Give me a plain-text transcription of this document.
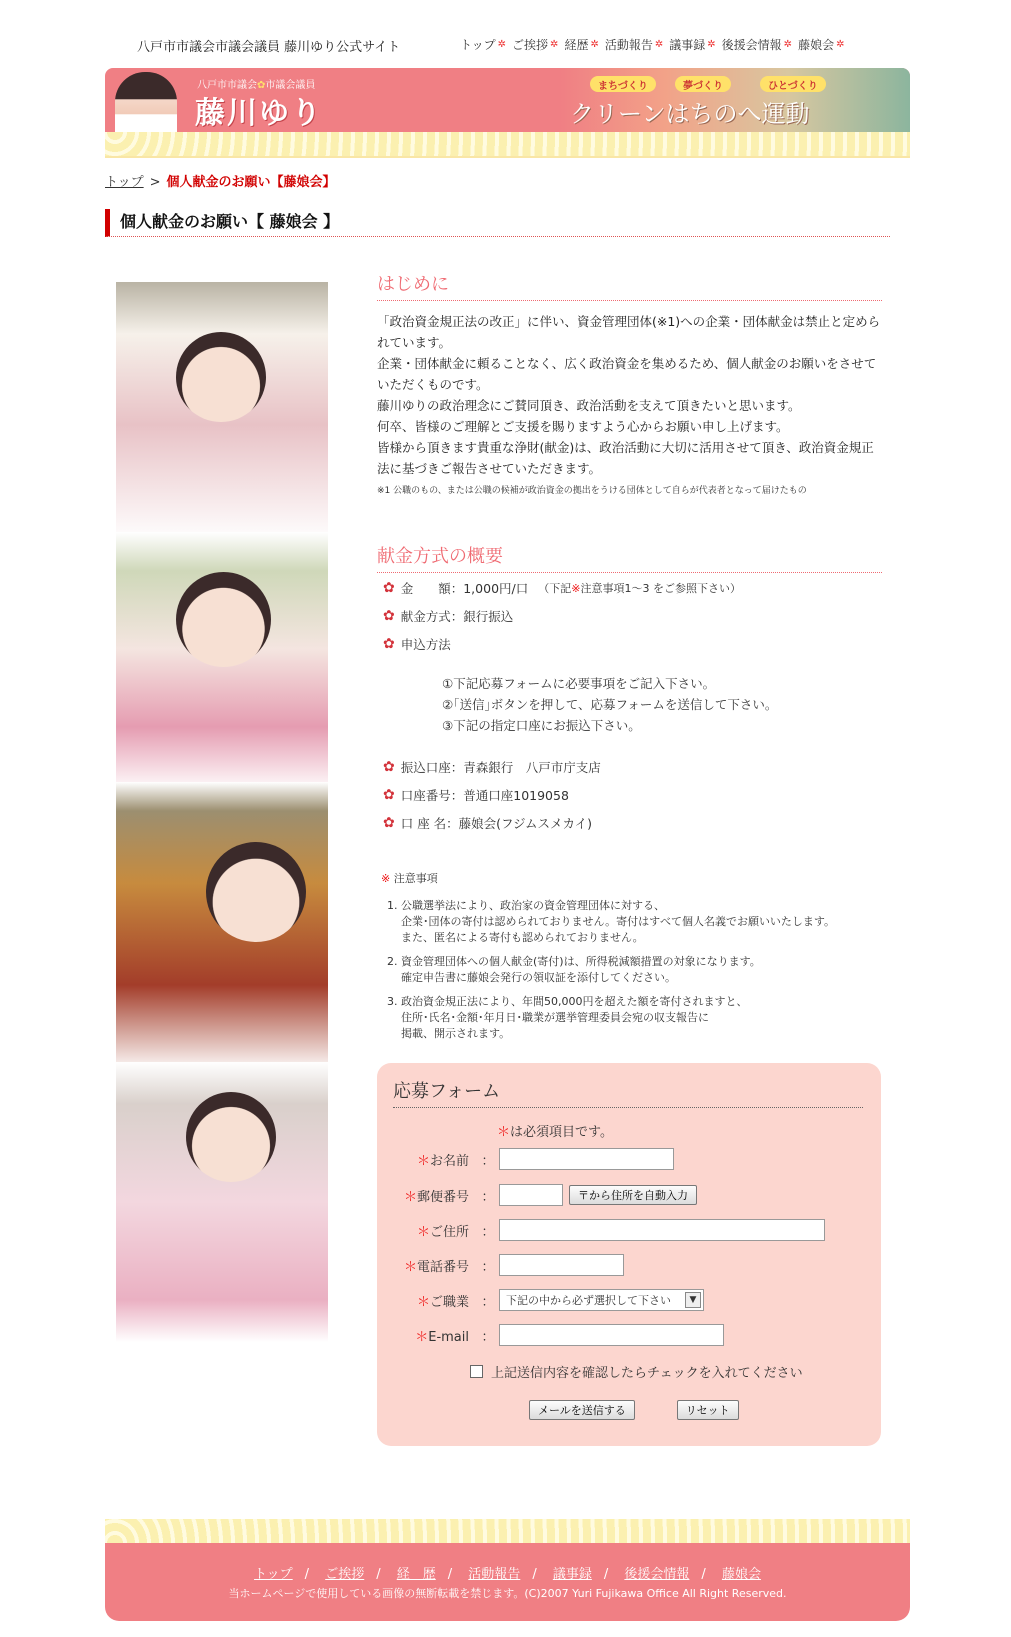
八戸市市議会市議会議員 藤川ゆり公式サイト	トップ ✲ ご挨拶 ✲ 経歴 ✲ 活動報告 ✲ 議事録 ✲ 後援会情報 ✲ 藤娘会 ✲
八戸市市議会✿市議会議員
藤川ゆり
まちづくり	夢づくり	ひとづくり
クリーンはちのへ運動
トップ > 個人献金のお願い【藤娘会】
個人献金のお願い【 藤娘会 】
はじめに
「政治資金規正法の改正」に伴い、資金管理団体(※1)への企業・団体献金は禁止と定められています。
企業・団体献金に頼ることなく、広く政治資金を集めるため、個人献金のお願いをさせていただくものです。
藤川ゆりの政治理念にご賛同頂き、政治活動を支えて頂きたいと思います。
何卒、皆様のご理解とご支援を賜りますよう心からお願い申し上げます。
皆様から頂きます貴重な浄財(献金)は、政治活動に大切に活用させて頂き、政治資金規正法に基づきご報告させていただきます。
※1 公職のもの、または公職の候補が政治資金の拠出をうける団体として自らが代表者となって届けたもの
献金方式の概要
✿ 金　　額：1,000円/口 （下記 ※ 注意事項1～3 をご参照下さい）
✿ 献金方式：銀行振込
✿ 申込方法
①下記応募フォームに必要事項をご記入下さい。
②｢送信｣ボタンを押して、応募フォームを送信して下さい。
③下記の指定口座にお振込下さい。
✿ 振込口座：青森銀行　八戸市庁支店
✿ 口座番号：普通口座1019058
✿ 口 座 名：藤娘会(フジムスメカイ)
※ 注意事項
1. 公職選挙法により、政治家の資金管理団体に対する、
企業･団体の寄付は認められておりません。寄付はすべて個人名義でお願いいたします。
また、匿名による寄付も認められておりません。
2. 資金管理団体への個人献金(寄付)は、所得税減額措置の対象になります。
確定申告書に藤娘会発行の領収証を添付してください。
3. 政治資金規正法により、年間50,000円を超えた額を寄付されますと、
住所･氏名･金額･年月日･職業が選挙管理委員会宛の収支報告に
掲載、開示されます。
応募フォーム
＊は必須項目です。
＊お名前 ：
＊郵便番号 ：	〒から住所を自動入力
＊ご住所 ：
＊電話番号 ：
＊ご職業 ：	下記の中から必ず選択して下さい	▼
＊E-mail ：
上記送信内容を確認したらチェックを入れてください
メールを送信する	リセット
トップ / ご挨拶 / 経　歴 / 活動報告 / 議事録 / 後援会情報 / 藤娘会
当ホームページで使用している画像の無断転載を禁じます。(C)2007 Yuri Fujikawa Office All Right Reserved.
